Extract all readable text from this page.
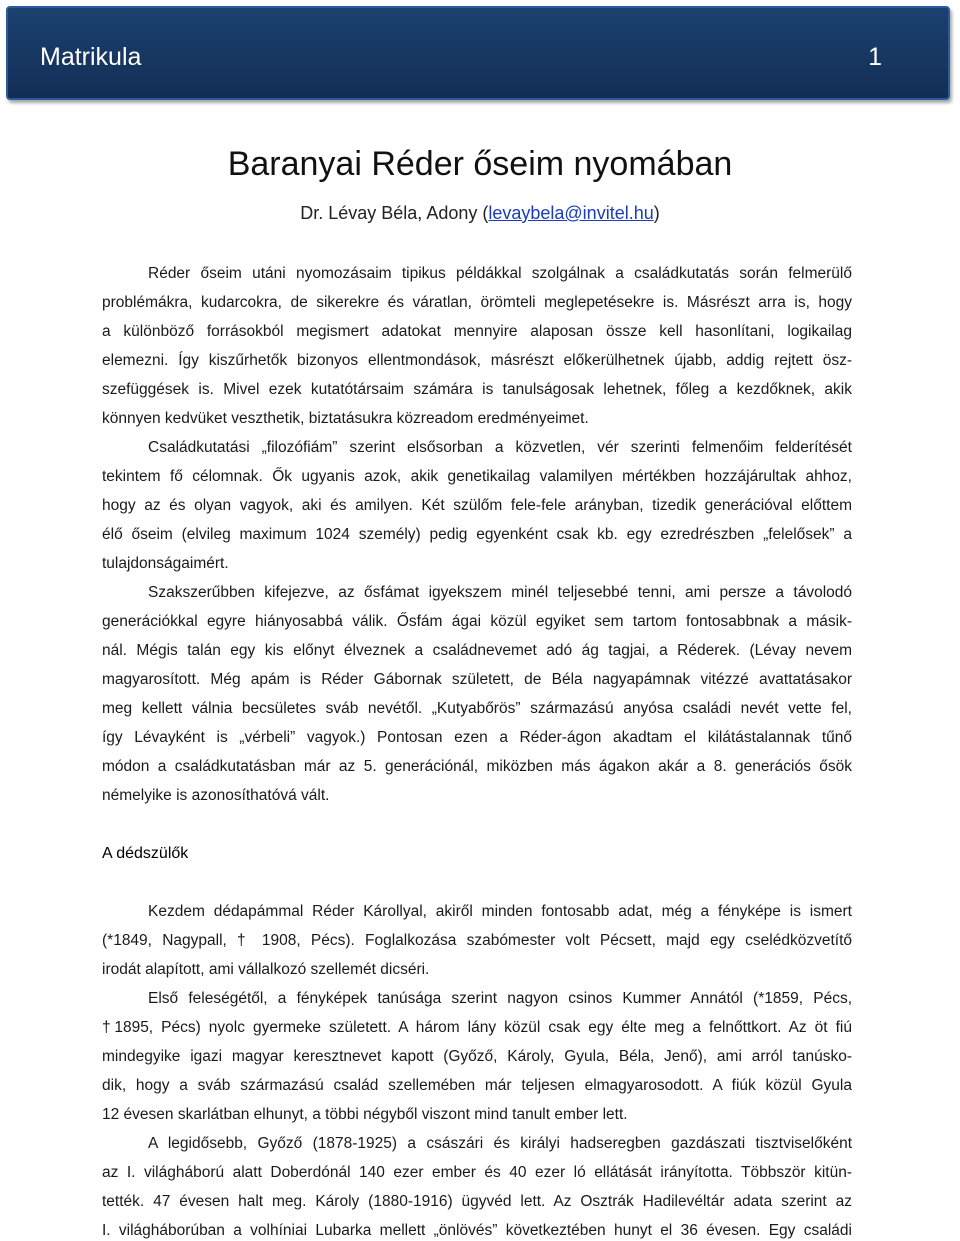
Matrikula	1
Baranyai Réder őseim nyomában
Dr. Lévay Béla, Adony (levaybela@invitel.hu)
Réder őseim utáni nyomozásaim tipikus példákkal szolgálnak a családkutatás során felmerülő
problémákra, kudarcokra, de sikerekre és váratlan, örömteli meglepetésekre is. Másrészt arra is, hogy
a különböző forrásokból megismert adatokat mennyire alaposan össze kell hasonlítani, logikailag
elemezni. Így kiszűrhetők bizonyos ellentmondások, másrészt előkerülhetnek újabb, addig rejtett ösz-
szefüggések is. Mivel ezek kutatótársaim számára is tanulságosak lehetnek, főleg a kezdőknek, akik
könnyen kedvüket veszthetik, biztatásukra közreadom eredményeimet.
Családkutatási „filozófiám” szerint elsősorban a közvetlen, vér szerinti felmenőim felderítését
tekintem fő célomnak. Ők ugyanis azok, akik genetikailag valamilyen mértékben hozzájárultak ahhoz,
hogy az és olyan vagyok, aki és amilyen. Két szülőm fele-fele arányban, tizedik generációval előttem
élő őseim (elvileg maximum 1024 személy) pedig egyenként csak kb. egy ezredrészben „felelősek” a
tulajdonságaimért.
Szakszerűbben kifejezve, az ősfámat igyekszem minél teljesebbé tenni, ami persze a távolodó
generációkkal egyre hiányosabbá válik. Ősfám ágai közül egyiket sem tartom fontosabbnak a másik-
nál. Mégis talán egy kis előnyt élveznek a családnevemet adó ág tagjai, a Réderek. (Lévay nevem
magyarosított. Még apám is Réder Gábornak született, de Béla nagyapámnak vitézzé avattatásakor
meg kellett válnia becsületes sváb nevétől. „Kutyabőrös” származású anyósa családi nevét vette fel,
így Lévayként is „vérbeli” vagyok.) Pontosan ezen a Réder-ágon akadtam el kilátástalannak tűnő
módon a családkutatásban már az 5. generációnál, miközben más ágakon akár a 8. generációs ősök
némelyike is azonosíthatóvá vált.
A dédszülők
Kezdem dédapámmal Réder Károllyal, akiről minden fontosabb adat, még a fényképe is ismert
(*1849, Nagypall, † 1908, Pécs). Foglalkozása szabómester volt Pécsett, majd egy cselédközvetítő
irodát alapított, ami vállalkozó szellemét dicséri.
Első feleségétől, a fényképek tanúsága szerint nagyon csinos Kummer Annától (*1859, Pécs,
†1895, Pécs) nyolc gyermeke született. A három lány közül csak egy élte meg a felnőttkort. Az öt fiú
mindegyike igazi magyar keresztnevet kapott (Győző, Károly, Gyula, Béla, Jenő), ami arról tanúsko-
dik, hogy a sváb származású család szellemében már teljesen elmagyarosodott. A fiúk közül Gyula
12 évesen skarlátban elhunyt, a többi négyből viszont mind tanult ember lett.
A legidősebb, Győző (1878-1925) a császári és királyi hadseregben gazdászati tisztviselőként
az I. világháború alatt Doberdónál 140 ezer ember és 40 ezer ló ellátását irányította. Többször kitün-
tették. 47 évesen halt meg. Károly (1880-1916) ügyvéd lett. Az Osztrák Hadilevéltár adata szerint az
I. világháborúban a volhíniai Lubarka mellett „önlövés” következtében hunyt el 36 évesen. Egy családi
